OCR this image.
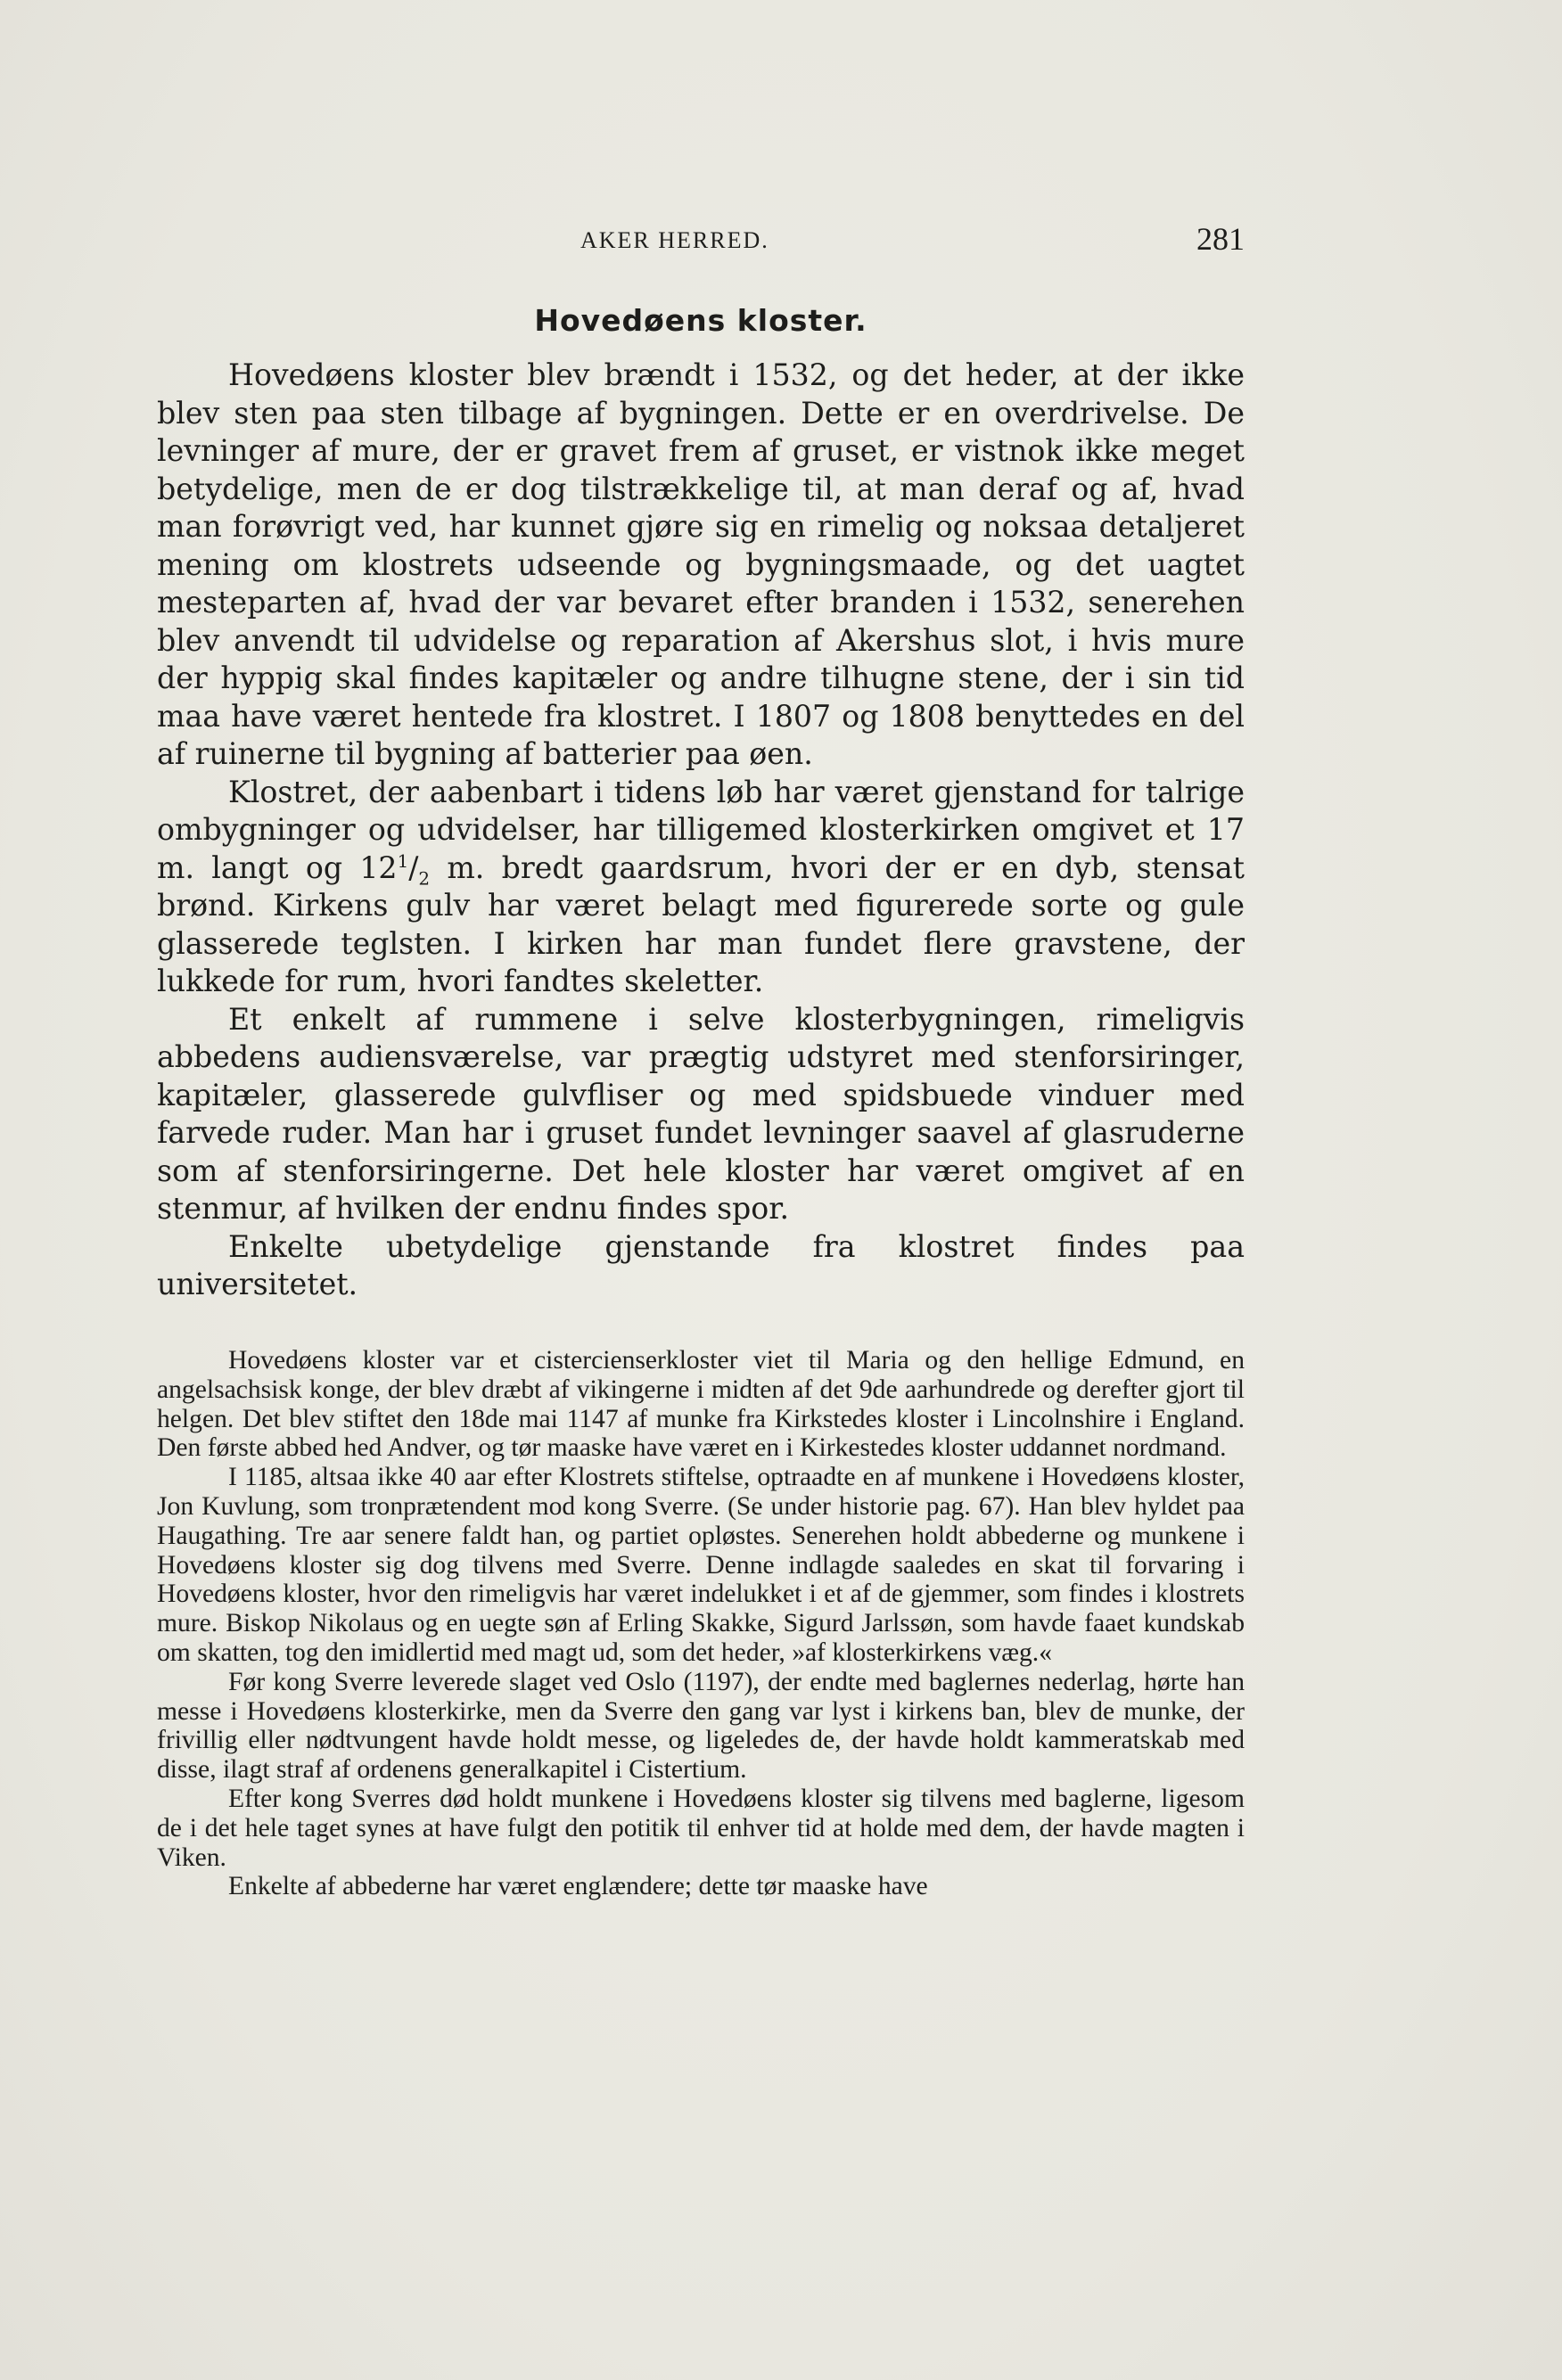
AKER HERRED.	281
Hovedøens kloster.

Hovedøens kloster blev brændt i 1532, og det heder, at der ikke blev sten paa sten tilbage af bygningen. Dette er en overdrivelse. De levninger af mure, der er gravet frem af gruset, er vistnok ikke meget betydelige, men de er dog tilstrækkelige til, at man deraf og af, hvad man forøvrigt ved, har kunnet gjøre sig en rimelig og noksaa detaljeret mening om klostrets udseende og bygningsmaade, og det uagtet mesteparten af, hvad der var bevaret efter branden i 1532, senerehen blev anvendt til udvidelse og reparation af Akershus slot, i hvis mure der hyppig skal findes kapitæler og andre tilhugne stene, der i sin tid maa have været hentede fra klostret. I 1807 og 1808 benyttedes en del af ruinerne til bygning af batterier paa øen.

Klostret, der aabenbart i tidens løb har været gjenstand for talrige ombygninger og udvidelser, har tilligemed klosterkirken omgivet et 17 m. langt og $12^1/_2$ m. bredt gaardsrum, hvori der er en dyb, stensat brønd. Kirkens gulv har været belagt med figurerede sorte og gule glasserede teglsten. I kirken har man fundet flere gravstene, der lukkede for rum, hvori fandtes skeletter.

Et enkelt af rummene i selve klosterbygningen, rimeligvis abbedens audiensværelse, var prægtig udstyret med stenforsiringer, kapitæler, glasserede gulvfliser og med spidsbuede vinduer med farvede ruder. Man har i gruset fundet levninger saavel af glasruderne som af stenforsiringerne. Det hele kloster har været omgivet af en stenmur, af hvilken der endnu findes spor.

Enkelte ubetydelige gjenstande fra klostret findes paa universitetet.

Hovedøens kloster var et cistercienserkloster viet til Maria og den hellige Edmund, en angelsachsisk konge, der blev dræbt af vikingerne i midten af det 9de aarhundrede og derefter gjort til helgen. Det blev stiftet den 18de mai 1147 af munke fra Kirkstedes kloster i Lincolnshire i England. Den første abbed hed Andver, og tør maaske have været en i Kirkestedes kloster uddannet nordmand.

I 1185, altsaa ikke 40 aar efter Klostrets stiftelse, optraadte en af munkene i Hovedøens kloster, Jon Kuvlung, som tronprætendent mod kong Sverre. (Se under historie pag. 67). Han blev hyldet paa Haugathing. Tre aar senere faldt han, og partiet opløstes. Senerehen holdt abbederne og munkene i Hovedøens kloster sig dog tilvens med Sverre. Denne indlagde saaledes en skat til forvaring i Hovedøens kloster, hvor den rimeligvis har været indelukket i et af de gjemmer, som findes i klostrets mure. Biskop Nikolaus og en uegte søn af Erling Skakke, Sigurd Jarlssøn, som havde faaet kundskab om skatten, tog den imidlertid med magt ud, som det heder, »af klosterkirkens væg.«

Før kong Sverre leverede slaget ved Oslo (1197), der endte med baglernes nederlag, hørte han messe i Hovedøens klosterkirke, men da Sverre den gang var lyst i kirkens ban, blev de munke, der frivillig eller nødtvungent havde holdt messe, og ligeledes de, der havde holdt kammeratskab med disse, ilagt straf af ordenens generalkapitel i Cistertium.

Efter kong Sverres død holdt munkene i Hovedøens kloster sig tilvens med baglerne, ligesom de i det hele taget synes at have fulgt den potitik til enhver tid at holde med dem, der havde magten i Viken.

Enkelte af abbederne har været englændere; dette tør maaske have
